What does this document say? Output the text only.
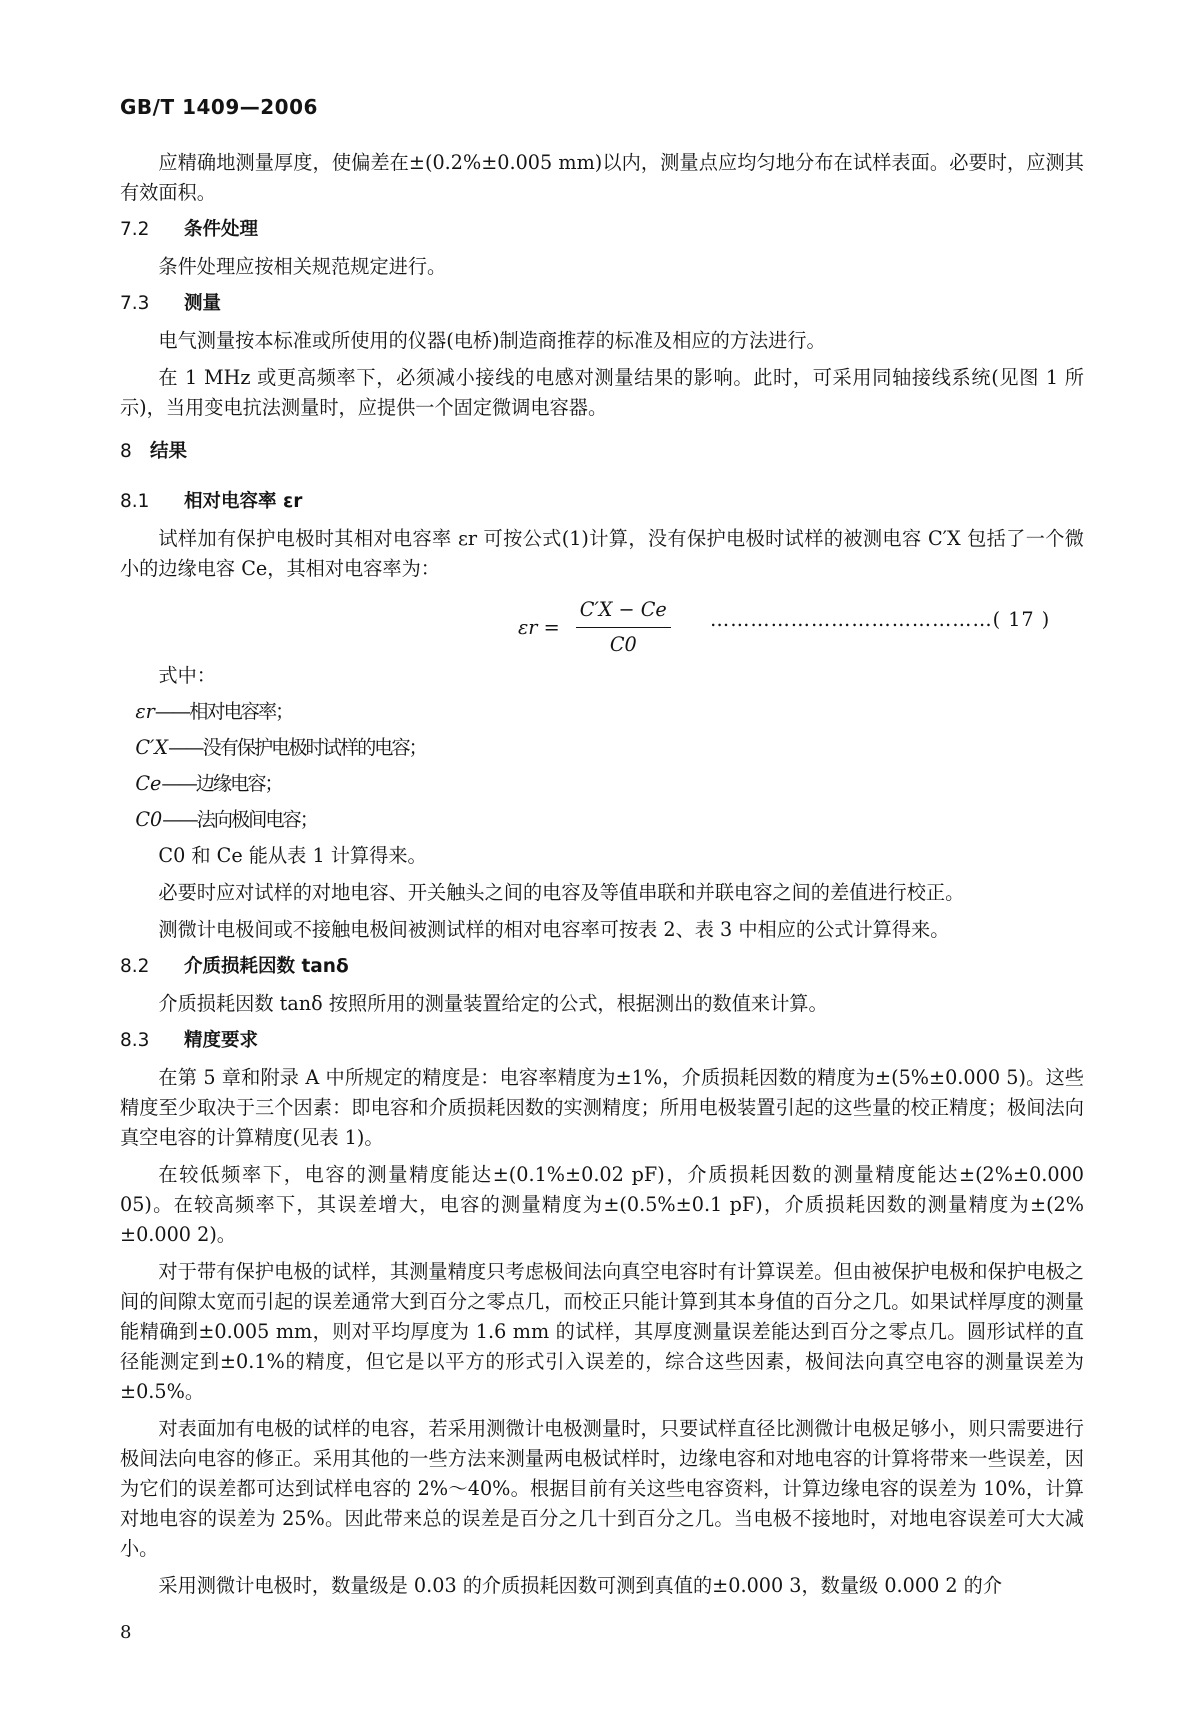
GB/T 1409—2006

应精确地测量厚度，使偏差在±(0.2%±0.005 mm)以内，测量点应均匀地分布在试样表面。必要时，应测其有效面积。

7.2 条件处理

条件处理应按相关规范规定进行。

7.3 测量

电气测量按本标准或所使用的仪器(电桥)制造商推荐的标准及相应的方法进行。

在 1 MHz 或更高频率下，必须减小接线的电感对测量结果的影响。此时，可采用同轴接线系统(见图 1 所示)，当用变电抗法测量时，应提供一个固定微调电容器。

8 结果
8.1 相对电容率 εr

试样加有保护电极时其相对电容率 εr 可按公式(1)计算，没有保护电极时试样的被测电容 C′X 包括了一个微小的边缘电容 Ce，其相对电容率为：

$\varepsilon r = \frac{C'X - Ce}{C0}$ ……………………………………( 17 )
式中：
εr——相对电容率；
C′X——没有保护电极时试样的电容；
Ce——边缘电容；
C0——法向极间电容；

C0 和 Ce 能从表 1 计算得来。

必要时应对试样的对地电容、开关触头之间的电容及等值串联和并联电容之间的差值进行校正。

测微计电极间或不接触电极间被测试样的相对电容率可按表 2、表 3 中相应的公式计算得来。

8.2 介质损耗因数 tanδ

介质损耗因数 tanδ 按照所用的测量装置给定的公式，根据测出的数值来计算。

8.3 精度要求

在第 5 章和附录 A 中所规定的精度是：电容率精度为±1%，介质损耗因数的精度为±(5%±0.000 5)。这些精度至少取决于三个因素：即电容和介质损耗因数的实测精度；所用电极装置引起的这些量的校正精度；极间法向真空电容的计算精度(见表 1)。

在较低频率下，电容的测量精度能达±(0.1%±0.02 pF)，介质损耗因数的测量精度能达±(2%±0.000 05)。在较高频率下，其误差增大，电容的测量精度为±(0.5%±0.1 pF)，介质损耗因数的测量精度为±(2%±0.000 2)。

对于带有保护电极的试样，其测量精度只考虑极间法向真空电容时有计算误差。但由被保护电极和保护电极之间的间隙太宽而引起的误差通常大到百分之零点几，而校正只能计算到其本身值的百分之几。如果试样厚度的测量能精确到±0.005 mm，则对平均厚度为 1.6 mm 的试样，其厚度测量误差能达到百分之零点几。圆形试样的直径能测定到±0.1%的精度，但它是以平方的形式引入误差的，综合这些因素，极间法向真空电容的测量误差为±0.5%。

对表面加有电极的试样的电容，若采用测微计电极测量时，只要试样直径比测微计电极足够小，则只需要进行极间法向电容的修正。采用其他的一些方法来测量两电极试样时，边缘电容和对地电容的计算将带来一些误差，因为它们的误差都可达到试样电容的 2%～40%。根据目前有关这些电容资料，计算边缘电容的误差为 10%，计算对地电容的误差为 25%。因此带来总的误差是百分之几十到百分之几。当电极不接地时，对地电容误差可大大减小。

采用测微计电极时，数量级是 0.03 的介质损耗因数可测到真值的±0.000 3，数量级 0.000 2 的介

8
